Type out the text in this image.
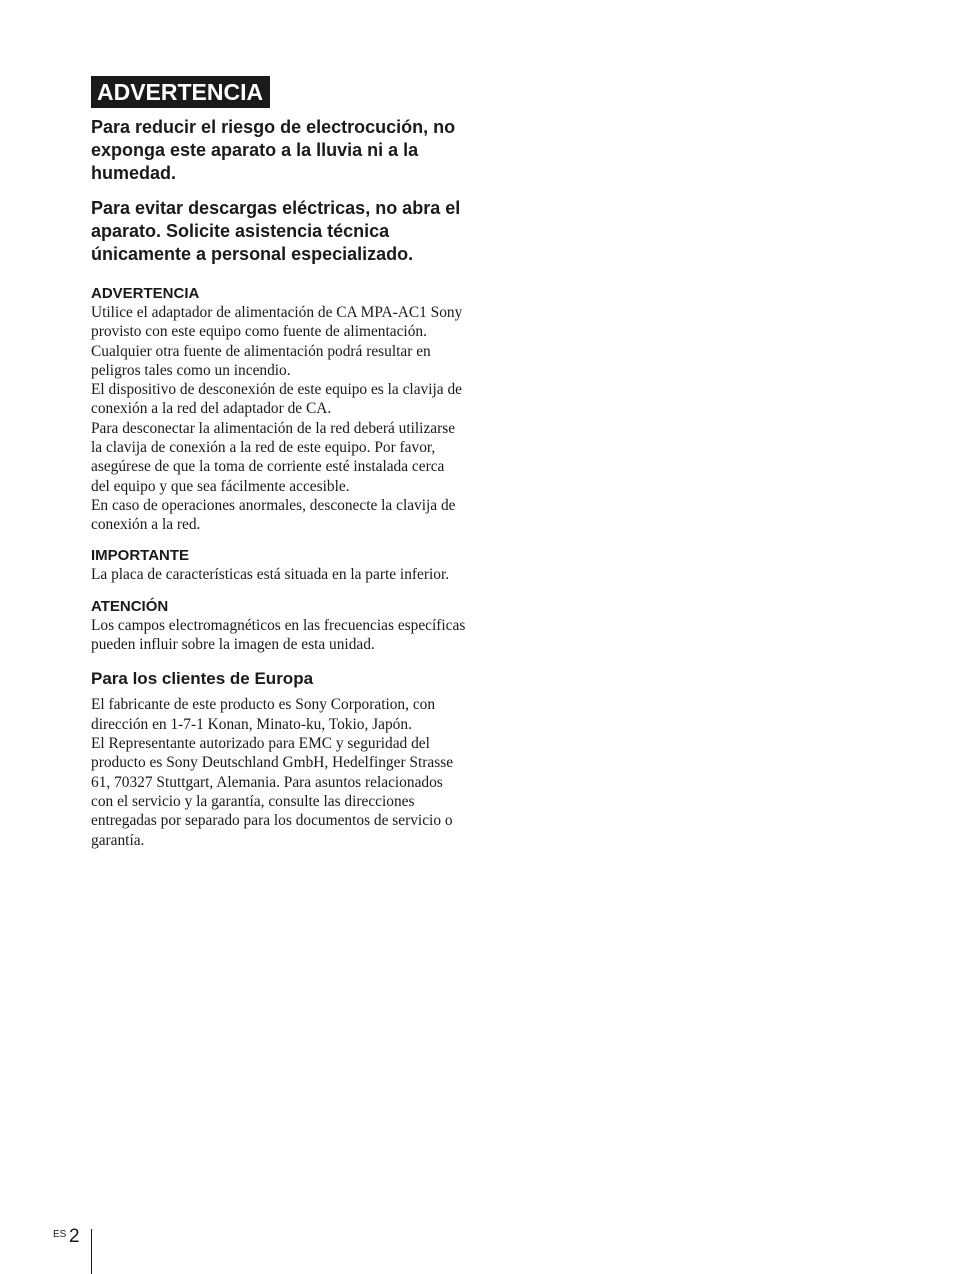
ADVERTENCIA

Para reducir el riesgo de electrocución, no exponga este aparato a la lluvia ni a la humedad.

Para evitar descargas eléctricas, no abra el aparato. Solicite asistencia técnica únicamente a personal especializado.

ADVERTENCIA

Utilice el adaptador de alimentación de CA MPA-AC1 Sony provisto con este equipo como fuente de alimentación. Cualquier otra fuente de alimentación podrá resultar en peligros tales como un incendio.

El dispositivo de desconexión de este equipo es la clavija de conexión a la red del adaptador de CA.

Para desconectar la alimentación de la red deberá utilizarse la clavija de conexión a la red de este equipo. Por favor, asegúrese de que la toma de corriente esté instalada cerca del equipo y que sea fácilmente accesible.

En caso de operaciones anormales, desconecte la clavija de conexión a la red.

IMPORTANTE

La placa de características está situada en la parte inferior.

ATENCIÓN

Los campos electromagnéticos en las frecuencias específicas pueden influir sobre la imagen de esta unidad.

Para los clientes de Europa

El fabricante de este producto es Sony Corporation, con dirección en 1-7-1 Konan, Minato-ku, Tokio, Japón.

El Representante autorizado para EMC y seguridad del producto es Sony Deutschland GmbH, Hedelfinger Strasse 61, 70327 Stuttgart, Alemania. Para asuntos relacionados con el servicio y la garantía, consulte las direcciones entregadas por separado para los documentos de servicio o garantía.

ES 2
